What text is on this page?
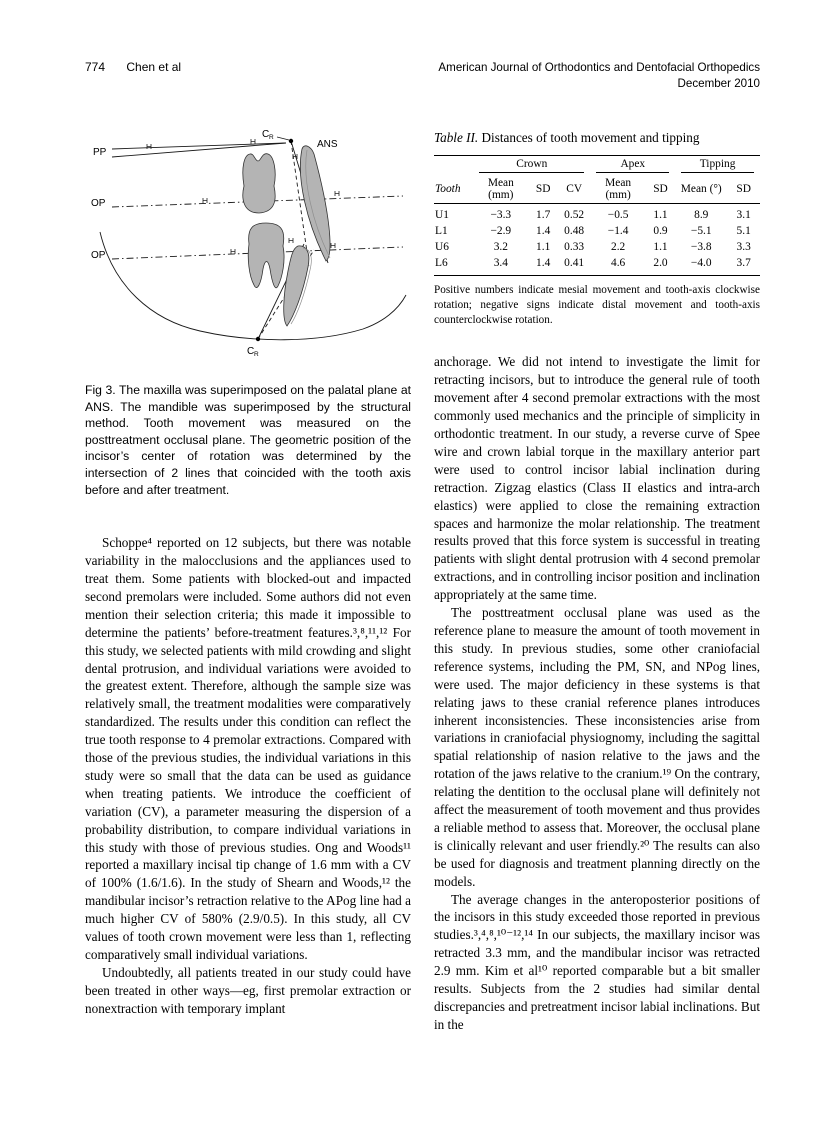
774 Chen et al	American Journal of Orthodontics and Dentofacial Orthopedics
December 2010
PP
OP
OP
ANS
C R
C R
Fig 3. The maxilla was superimposed on the palatal plane at ANS. The mandible was superimposed by the structural method. Tooth movement was measured on the posttreatment occlusal plane. The geometric position of the incisor’s center of rotation was determined by the intersection of 2 lines that coincided with the tooth axis before and after treatment.

Schoppe⁴ reported on 12 subjects, but there was notable variability in the malocclusions and the appliances used to treat them. Some patients with blocked-out and impacted second premolars were included. Some authors did not even mention their selection criteria; this made it impossible to determine the patients’ before-treatment features.³,⁸,¹¹,¹² For this study, we selected patients with mild crowding and slight dental protrusion, and individual variations were avoided to the greatest extent. Therefore, although the sample size was relatively small, the treatment modalities were comparatively standardized. The results under this condition can reflect the true tooth response to 4 premolar extractions. Compared with those of the previous studies, the individual variations in this study were so small that the data can be used as guidance when treating patients. We introduce the coefficient of variation (CV), a parameter measuring the dispersion of a probability distribution, to compare individual variations in this study with those of previous studies. Ong and Woods¹¹ reported a maxillary incisal tip change of 1.6 mm with a CV of 100% (1.6/1.6). In the study of Shearn and Woods,¹² the mandibular incisor’s retraction relative to the APog line had a much higher CV of 580% (2.9/0.5). In this study, all CV values of tooth crown movement were less than 1, reflecting comparatively small individual variations.

Undoubtedly, all patients treated in our study could have been treated in other ways—eg, first premolar extraction or nonextraction with temporary implant

Table II. Distances of tooth movement and tipping

	Crown			Apex		Tipping	

Tooth	Mean (mm)	SD	CV	Mean (mm)	SD	Mean (°)	SD
U1	−3.3	1.7	0.52	−0.5	1.1	8.9	3.1
L1	−2.9	1.4	0.48	−1.4	0.9	−5.1	5.1
U6	3.2	1.1	0.33	2.2	1.1	−3.8	3.3
L6	3.4	1.4	0.41	4.6	2.0	−4.0	3.7

Positive numbers indicate mesial movement and tooth-axis clockwise rotation; negative signs indicate distal movement and tooth-axis counterclockwise rotation.

anchorage. We did not intend to investigate the limit for retracting incisors, but to introduce the general rule of tooth movement after 4 second premolar extractions with the most commonly used mechanics and the principle of simplicity in orthodontic treatment. In our study, a reverse curve of Spee wire and crown labial torque in the maxillary anterior part were used to control incisor labial inclination during retraction. Zigzag elastics (Class II elastics and intra-arch elastics) were applied to close the remaining extraction spaces and harmonize the molar relationship. The treatment results proved that this force system is successful in treating patients with slight dental protrusion with 4 second premolar extractions, and in controlling incisor position and inclination appropriately at the same time.

The posttreatment occlusal plane was used as the reference plane to measure the amount of tooth movement in this study. In previous studies, some other craniofacial reference systems, including the PM, SN, and NPog lines, were used. The major deficiency in these systems is that relating jaws to these cranial reference planes introduces inherent inconsistencies. These inconsistencies arise from variations in craniofacial physiognomy, including the sagittal spatial relationship of nasion relative to the jaws and the rotation of the jaws relative to the cranium.¹⁹ On the contrary, relating the dentition to the occlusal plane will definitely not affect the measurement of tooth movement and thus provides a reliable method to assess that. Moreover, the occlusal plane is clinically relevant and user friendly.²⁰ The results can also be used for diagnosis and treatment planning directly on the models.

The average changes in the anteroposterior positions of the incisors in this study exceeded those reported in previous studies.³,⁴,⁸,¹⁰⁻¹²,¹⁴ In our subjects, the maxillary incisor was retracted 3.3 mm, and the mandibular incisor was retracted 2.9 mm. Kim et al¹⁰ reported comparable but a bit smaller results. Subjects from the 2 studies had similar dental discrepancies and pretreatment incisor labial inclinations. But in the
